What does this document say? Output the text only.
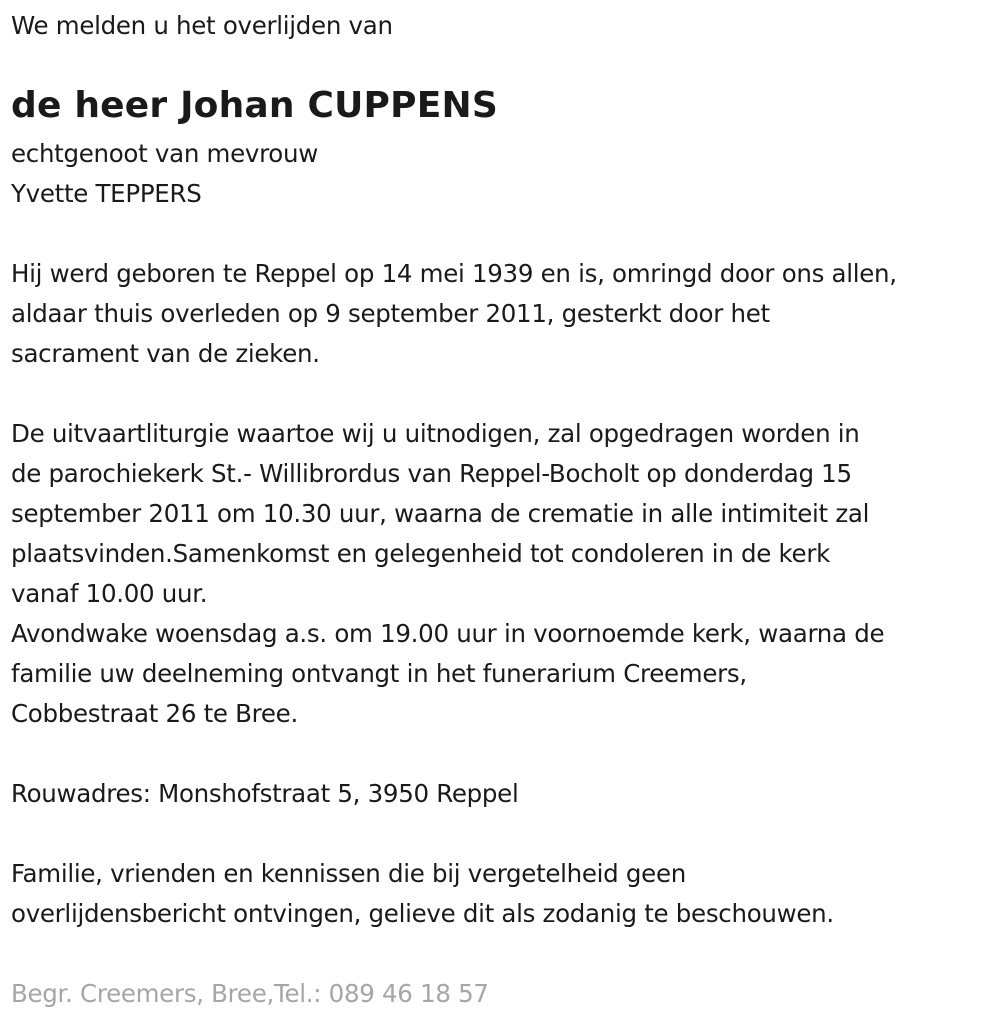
We melden u het overlijden van
de heer Johan CUPPENS
echtgenoot van mevrouw
Yvette TEPPERS
Hij werd geboren te Reppel op 14 mei 1939 en is, omringd door ons allen,
aldaar thuis overleden op 9 september 2011, gesterkt door het
sacrament van de zieken.
De uitvaartliturgie waartoe wij u uitnodigen, zal opgedragen worden in
de parochiekerk St.- Willibrordus van Reppel-Bocholt op donderdag 15
september 2011 om 10.30 uur, waarna de crematie in alle intimiteit zal
plaatsvinden.Samenkomst en gelegenheid tot condoleren in de kerk
vanaf 10.00 uur.
Avondwake woensdag a.s. om 19.00 uur in voornoemde kerk, waarna de
familie uw deelneming ontvangt in het funerarium Creemers,
Cobbestraat 26 te Bree.
Rouwadres: Monshofstraat 5, 3950 Reppel
Familie, vrienden en kennissen die bij vergetelheid geen
overlijdensbericht ontvingen, gelieve dit als zodanig te beschouwen.
Begr. Creemers, Bree,Tel.: 089 46 18 57
